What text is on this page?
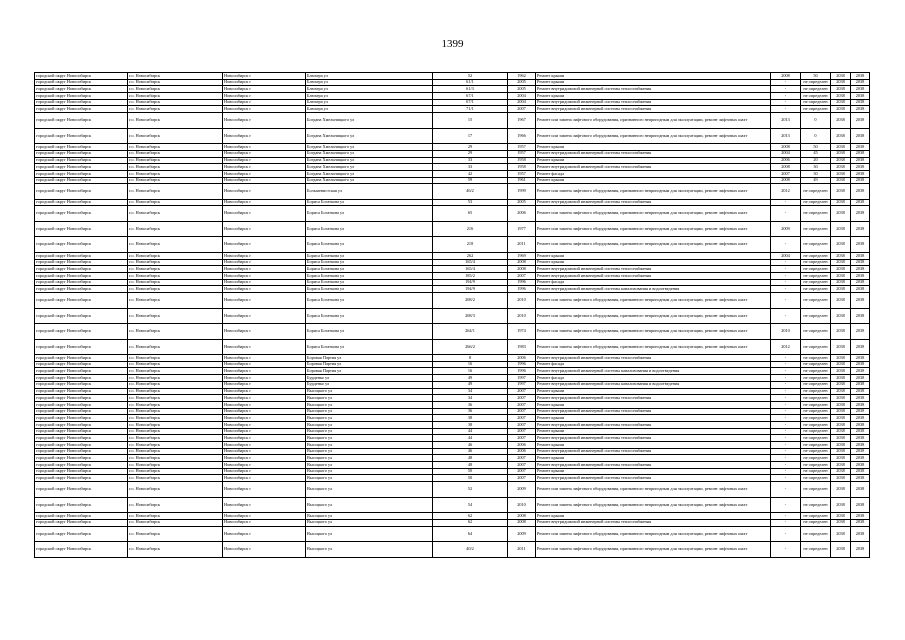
1399
городской округ Новосибирск	г.о. Новосибирск	Новосибирск г	Блюхера ул	52	1962	Ремонт крыши	2008	50	2038	2038
городской округ Новосибирск	г.о. Новосибирск	Новосибирск г	Блюхера ул	61/1	2005	Ремонт крыши	-	не определен	2038	2038
городской округ Новосибирск	г.о. Новосибирск	Новосибирск г	Блюхера ул	61/3	2005	Ремонт внутридомовой инженерной системы теплоснабжения	-	не определен	2038	2038
городской округ Новосибирск	г.о. Новосибирск	Новосибирск г	Блюхера ул	67/1	2004	Ремонт крыши	-	не определен	2038	2038
городской округ Новосибирск	г.о. Новосибирск	Новосибирск г	Блюхера ул	67/1	2004	Ремонт внутридомовой инженерной системы теплоснабжения	-	не определен	2038	2038
городской округ Новосибирск	г.о. Новосибирск	Новосибирск г	Блюхера ул	71/1	2007	Ремонт внутридомовой инженерной системы теплоснабжения	-	не определен	2038	2038
городской округ Новосибирск	г.о. Новосибирск	Новосибирск г	Богдана Хмельницкого ул	15	1967	Ремонт или замена лифтового оборудования, признанного непригодным для эксплуатации, ремонт лифтовых шахт	2013	0	2038	2038
городской округ Новосибирск	г.о. Новосибирск	Новосибирск г	Богдана Хмельницкого ул	17	1966	Ремонт или замена лифтового оборудования, признанного непригодным для эксплуатации, ремонт лифтовых шахт	2013	0	2038	2038
городской округ Новосибирск	г.о. Новосибирск	Новосибирск г	Богдана Хмельницкого ул	29	1957	Ремонт крыши	2008	50	2038	2038
городской округ Новосибирск	г.о. Новосибирск	Новосибирск г	Богдана Хмельницкого ул	29	1957	Ремонт внутридомовой инженерной системы теплоснабжения	2004	45	2038	2038
городской округ Новосибирск	г.о. Новосибирск	Новосибирск г	Богдана Хмельницкого ул	33	1958	Ремонт крыши	2006	20	2038	2038
городской округ Новосибирск	г.о. Новосибирск	Новосибирск г	Богдана Хмельницкого ул	33	1958	Ремонт внутридомовой инженерной системы теплоснабжения	2008	30	2038	2038
городской округ Новосибирск	г.о. Новосибирск	Новосибирск г	Богдана Хмельницкого ул	42	1957	Ремонт фасада	2007	30	2038	2038
городской округ Новосибирск	г.о. Новосибирск	Новосибирск г	Богдана Хмельницкого ул	59	1961	Ремонт крыши	2008	49	2038	2038
городской округ Новосибирск	г.о. Новосибирск	Новосибирск г	Большевистская ул	46/2	1999	Ремонт или замена лифтового оборудования, признанного непригодным для эксплуатации, ремонт лифтовых шахт	2012	не определен	2038	2038
городской округ Новосибирск	г.о. Новосибирск	Новосибирск г	Бориса Богаткова ул	53	2005	Ремонт внутридомовой инженерной системы теплоснабжения	-	не определен	2038	2038
городской округ Новосибирск	г.о. Новосибирск	Новосибирск г	Бориса Богаткова ул	65	2006	Ремонт или замена лифтового оборудования, признанного непригодным для эксплуатации, ремонт лифтовых шахт	-	не определен	2038	2038
городской округ Новосибирск	г.о. Новосибирск	Новосибирск г	Бориса Богаткова ул	216	1977	Ремонт или замена лифтового оборудования, признанного непригодным для эксплуатации, ремонт лифтовых шахт	2009	не определен	2038	2038
городской округ Новосибирск	г.о. Новосибирск	Новосибирск г	Бориса Богаткова ул	218	2011	Ремонт или замена лифтового оборудования, признанного непригодным для эксплуатации, ремонт лифтовых шахт	-	не определен	2038	2038
городской округ Новосибирск	г.о. Новосибирск	Новосибирск г	Бориса Богаткова ул	262	1969	Ремонт крыши	2004	не определен	2038	2038
городской округ Новосибирск	г.о. Новосибирск	Новосибирск г	Бориса Богаткова ул	165/4	2008	Ремонт крыши	-	не определен	2038	2038
городской округ Новосибирск	г.о. Новосибирск	Новосибирск г	Бориса Богаткова ул	165/4	2008	Ремонт внутридомовой инженерной системы теплоснабжения	-	не определен	2038	2038
городской округ Новосибирск	г.о. Новосибирск	Новосибирск г	Бориса Богаткова ул	185/2	2007	Ремонт внутридомовой инженерной системы теплоснабжения	-	не определен	2038	2038
городской округ Новосибирск	г.о. Новосибирск	Новосибирск г	Бориса Богаткова ул	194/9	1996	Ремонт фасада	-	не определен	2038	2038
городской округ Новосибирск	г.о. Новосибирск	Новосибирск г	Бориса Богаткова ул	194/9	1996	Ремонт внутридомовой инженерной системы канализования и водоотведения	-	не определен	2038	2038
городской округ Новосибирск	г.о. Новосибирск	Новосибирск г	Бориса Богаткова ул	208/2	2010	Ремонт или замена лифтового оборудования, признанного непригодным для эксплуатации, ремонт лифтовых шахт	-	не определен	2038	2038
городской округ Новосибирск	г.о. Новосибирск	Новосибирск г	Бориса Богаткова ул	208/3	2010	Ремонт или замена лифтового оборудования, признанного непригодным для эксплуатации, ремонт лифтовых шахт	-	не определен	2038	2038
городской округ Новосибирск	г.о. Новосибирск	Новосибирск г	Бориса Богаткова ул	264/1	1974	Ремонт или замена лифтового оборудования, признанного непригодным для эксплуатации, ремонт лифтовых шахт	2010	не определен	2038	2038
городской округ Новосибирск	г.о. Новосибирск	Новосибирск г	Бориса Богаткова ул	266/2	1983	Ремонт или замена лифтового оборудования, признанного непригодным для эксплуатации, ремонт лифтовых шахт	2012	не определен	2038	2038
городской округ Новосибирск	г.о. Новосибирск	Новосибирск г	Боровая Партия ул	8	2006	Ремонт внутридомовой инженерной системы теплоснабжения	-	не определен	2038	2038
городской округ Новосибирск	г.о. Новосибирск	Новосибирск г	Боровая Партия ул	16	1996	Ремонт фасада	-	не определен	2038	2038
городской округ Новосибирск	г.о. Новосибирск	Новосибирск г	Боровая Партия ул	16	1996	Ремонт внутридомовой инженерной системы канализования и водоотведения	-	не определен	2038	2038
городской округ Новосибирск	г.о. Новосибирск	Новосибирск г	Бурденко ул	49	1997	Ремонт фасада	-	не определен	2038	2038
городской округ Новосибирск	г.о. Новосибирск	Новосибирск г	Бурденко ул	49	1997	Ремонт внутридомовой инженерной системы канализования и водоотведения	-	не определен	2038	2038
городской округ Новосибирск	г.о. Новосибирск	Новосибирск г	Высоцкого ул	34	2007	Ремонт крыши	-	не определен	2038	2038
городской округ Новосибирск	г.о. Новосибирск	Новосибирск г	Высоцкого ул	34	2007	Ремонт внутридомовой инженерной системы теплоснабжения	-	не определен	2038	2038
городской округ Новосибирск	г.о. Новосибирск	Новосибирск г	Высоцкого ул	36	2007	Ремонт крыши	-	не определен	2038	2038
городской округ Новосибирск	г.о. Новосибирск	Новосибирск г	Высоцкого ул	36	2007	Ремонт внутридомовой инженерной системы теплоснабжения	-	не определен	2038	2038
городской округ Новосибирск	г.о. Новосибирск	Новосибирск г	Высоцкого ул	38	2007	Ремонт крыши	-	не определен	2038	2038
городской округ Новосибирск	г.о. Новосибирск	Новосибирск г	Высоцкого ул	38	2007	Ремонт внутридомовой инженерной системы теплоснабжения	-	не определен	2038	2038
городской округ Новосибирск	г.о. Новосибирск	Новосибирск г	Высоцкого ул	44	2007	Ремонт крыши	-	не определен	2038	2038
городской округ Новосибирск	г.о. Новосибирск	Новосибирск г	Высоцкого ул	44	2007	Ремонт внутридомовой инженерной системы теплоснабжения	-	не определен	2038	2038
городской округ Новосибирск	г.о. Новосибирск	Новосибирск г	Высоцкого ул	46	2006	Ремонт крыши	-	не определен	2038	2038
городской округ Новосибирск	г.о. Новосибирск	Новосибирск г	Высоцкого ул	46	2006	Ремонт внутридомовой инженерной системы теплоснабжения	-	не определен	2038	2038
городской округ Новосибирск	г.о. Новосибирск	Новосибирск г	Высоцкого ул	48	2007	Ремонт крыши	-	не определен	2038	2038
городской округ Новосибирск	г.о. Новосибирск	Новосибирск г	Высоцкого ул	48	2007	Ремонт внутридомовой инженерной системы теплоснабжения	-	не определен	2038	2038
городской округ Новосибирск	г.о. Новосибирск	Новосибирск г	Высоцкого ул	50	2007	Ремонт крыши	-	не определен	2038	2038
городской округ Новосибирск	г.о. Новосибирск	Новосибирск г	Высоцкого ул	50	2007	Ремонт внутридомовой инженерной системы теплоснабжения	-	не определен	2038	2038
городской округ Новосибирск	г.о. Новосибирск	Новосибирск г	Высоцкого ул	52	2009	Ремонт или замена лифтового оборудования, признанного непригодным для эксплуатации, ремонт лифтовых шахт	-	не определен	2038	2038
городской округ Новосибирск	г.о. Новосибирск	Новосибирск г	Высоцкого ул	54	2010	Ремонт или замена лифтового оборудования, признанного непригодным для эксплуатации, ремонт лифтовых шахт	-	не определен	2038	2038
городской округ Новосибирск	г.о. Новосибирск	Новосибирск г	Высоцкого ул	62	2008	Ремонт крыши	-	не определен	2038	2038
городской округ Новосибирск	г.о. Новосибирск	Новосибирск г	Высоцкого ул	62	2008	Ремонт внутридомовой инженерной системы теплоснабжения	-	не определен	2038	2038
городской округ Новосибирск	г.о. Новосибирск	Новосибирск г	Высоцкого ул	64	2009	Ремонт или замена лифтового оборудования, признанного непригодным для эксплуатации, ремонт лифтовых шахт	-	не определен	2038	2038
городской округ Новосибирск	г.о. Новосибирск	Новосибирск г	Высоцкого ул	40/2	2011	Ремонт или замена лифтового оборудования, признанного непригодным для эксплуатации, ремонт лифтовых шахт	-	не определен	2038	2038
